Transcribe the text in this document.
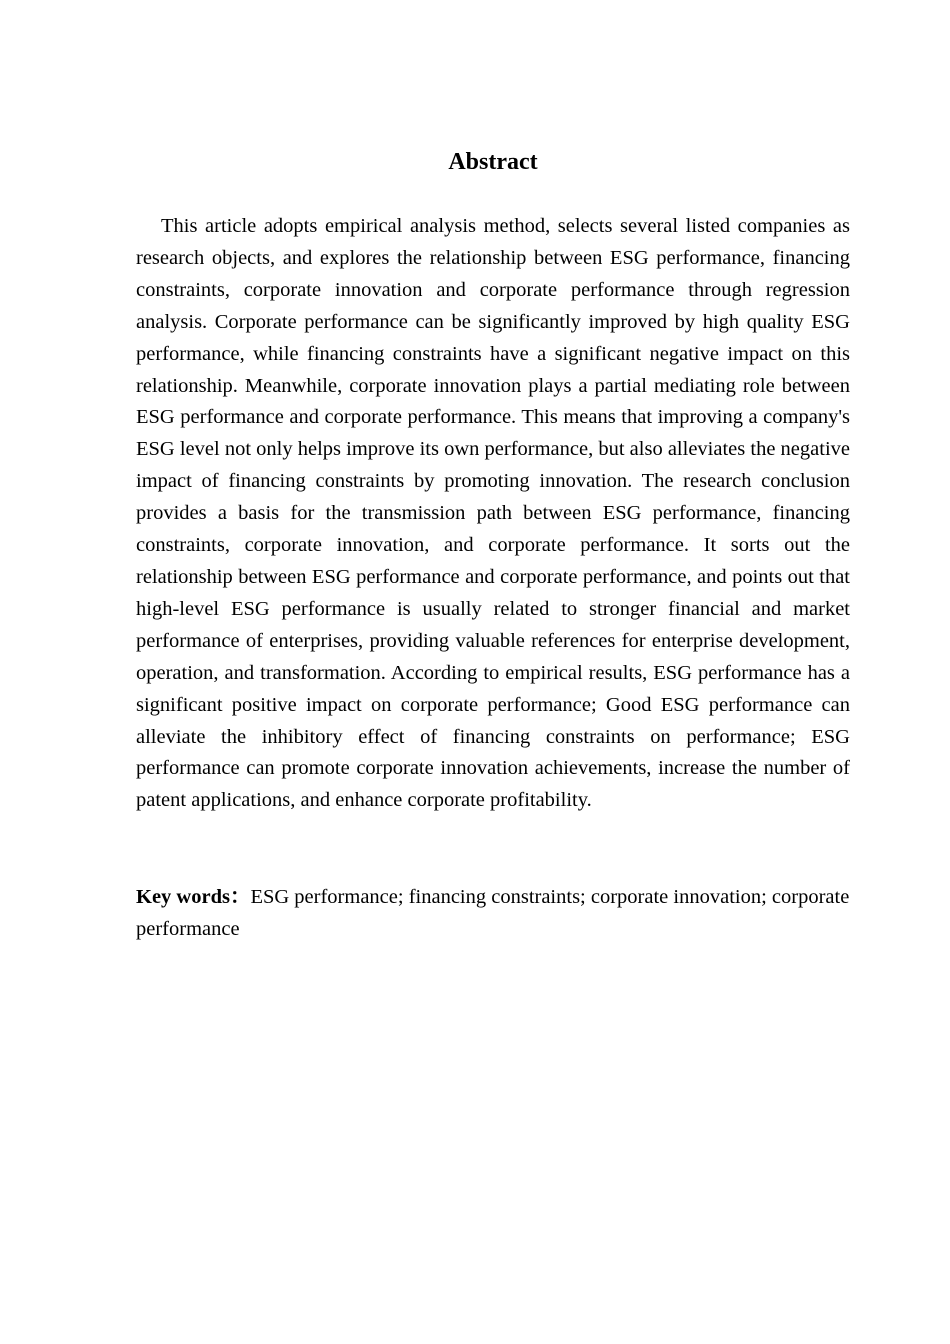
Abstract

This article adopts empirical analysis method, selects several listed companies as research objects, and explores the relationship between ESG performance, financing constraints, corporate innovation and corporate performance through regression analysis. Corporate performance can be significantly improved by high quality ESG performance, while financing constraints have a significant negative impact on this relationship. Meanwhile, corporate innovation plays a partial mediating role between ESG performance and corporate performance. This means that improving a company's ESG level not only helps improve its own performance, but also alleviates the negative impact of financing constraints by promoting innovation. The research conclusion provides a basis for the transmission path between ESG performance, financing constraints, corporate innovation, and corporate performance. It sorts out the relationship between ESG performance and corporate performance, and points out that high-level ESG performance is usually related to stronger financial and market performance of enterprises, providing valuable references for enterprise development, operation, and transformation. According to empirical results, ESG performance has a significant positive impact on corporate performance; Good ESG performance can alleviate the inhibitory effect of financing constraints on performance; ESG performance can promote corporate innovation achievements, increase the number of patent applications, and enhance corporate profitability.

Key words：ESG performance; financing constraints; corporate innovation; corporate performance
